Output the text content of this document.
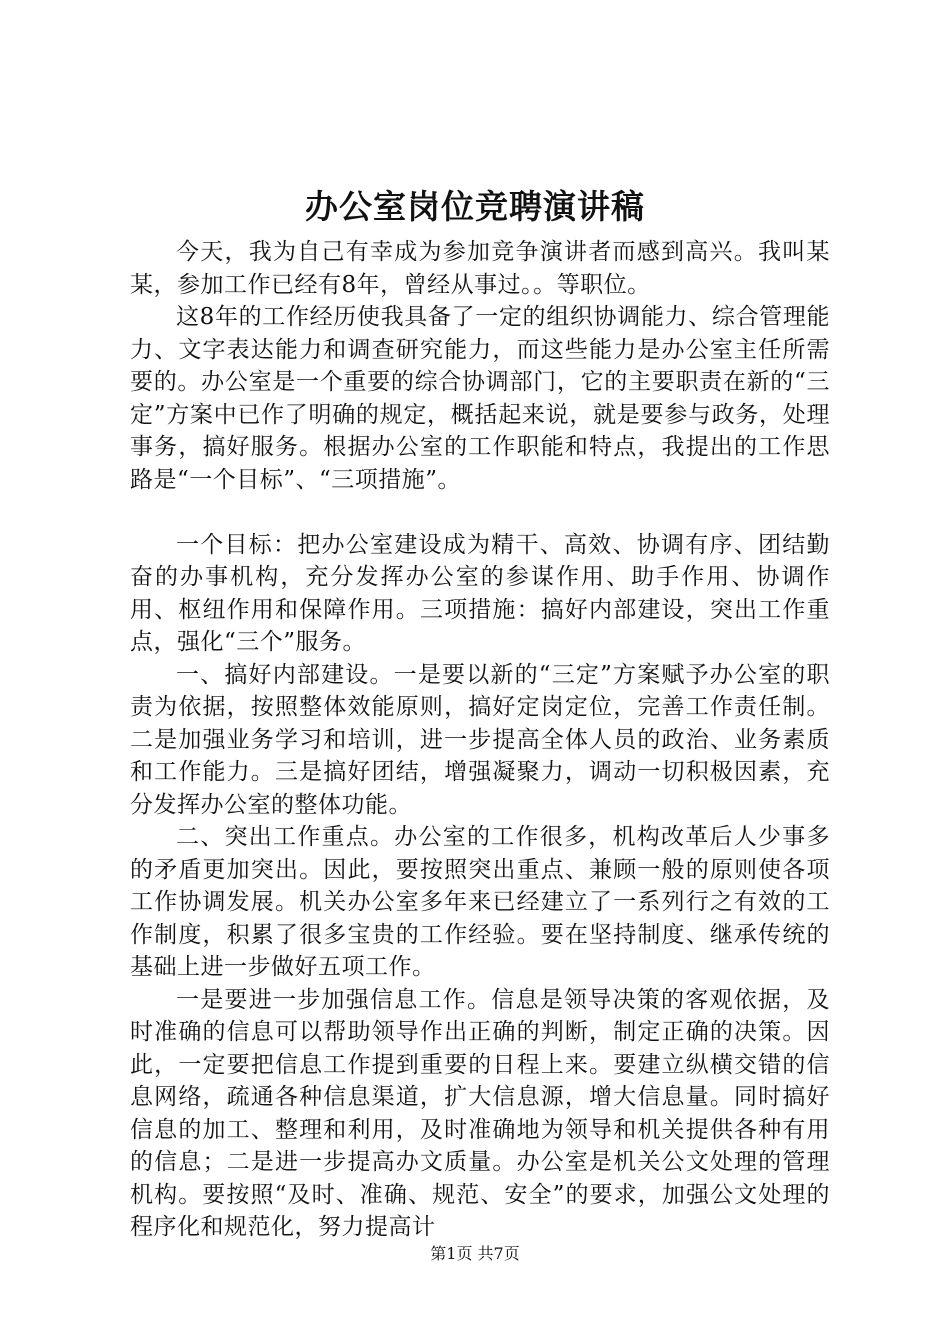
办公室岗位竞聘演讲稿

今天，我为自己有幸成为参加竞争演讲者而感到高兴。我叫某某，参加工作已经有8年，曾经从事过。。等职位。

这8年的工作经历使我具备了一定的组织协调能力、综合管理能力、文字表达能力和调查研究能力，而这些能力是办公室主任所需要的。办公室是一个重要的综合协调部门，它的主要职责在新的“三定”方案中已作了明确的规定，概括起来说，就是要参与政务，处理事务，搞好服务。根据办公室的工作职能和特点，我提出的工作思路是“一个目标”、“三项措施”。

一个目标：把办公室建设成为精干、高效、协调有序、团结勤奋的办事机构，充分发挥办公室的参谋作用、助手作用、协调作用、枢纽作用和保障作用。三项措施：搞好内部建设，突出工作重点，强化“三个”服务。

一、搞好内部建设。一是要以新的“三定”方案赋予办公室的职责为依据，按照整体效能原则，搞好定岗定位，完善工作责任制。二是加强业务学习和培训，进一步提高全体人员的政治、业务素质和工作能力。三是搞好团结，增强凝聚力，调动一切积极因素，充分发挥办公室的整体功能。

二、突出工作重点。办公室的工作很多，机构改革后人少事多的矛盾更加突出。因此，要按照突出重点、兼顾一般的原则使各项工作协调发展。机关办公室多年来已经建立了一系列行之有效的工作制度，积累了很多宝贵的工作经验。要在坚持制度、继承传统的基础上进一步做好五项工作。

一是要进一步加强信息工作。信息是领导决策的客观依据，及时准确的信息可以帮助领导作出正确的判断，制定正确的决策。因此，一定要把信息工作提到重要的日程上来。要建立纵横交错的信息网络，疏通各种信息渠道，扩大信息源，增大信息量。同时搞好信息的加工、整理和利用，及时准确地为领导和机关提供各种有用的信息；二是进一步提高办文质量。办公室是机关公文处理的管理机构。要按照“及时、准确、规范、安全”的要求，加强公文处理的程序化和规范化，努力提高计

第1页 共7页
